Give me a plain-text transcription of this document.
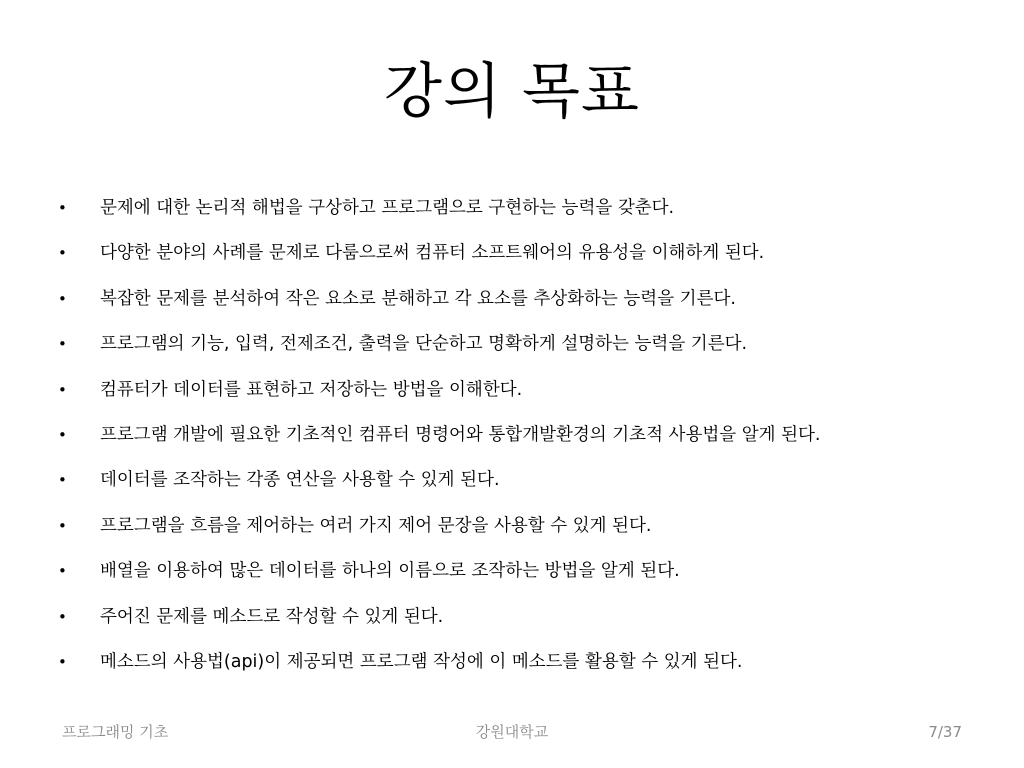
강의 목표
• 문제에 대한 논리적 해법을 구상하고 프로그램으로 구현하는 능력을 갖춘다.
• 다양한 분야의 사례를 문제로 다룸으로써 컴퓨터 소프트웨어의 유용성을 이해하게 된다.
• 복잡한 문제를 분석하여 작은 요소로 분해하고 각 요소를 추상화하는 능력을 기른다.
• 프로그램의 기능, 입력, 전제조건, 출력을 단순하고 명확하게 설명하는 능력을 기른다.
• 컴퓨터가 데이터를 표현하고 저장하는 방법을 이해한다.
• 프로그램 개발에 필요한 기초적인 컴퓨터 명령어와 통합개발환경의 기초적 사용법을 알게 된다.
• 데이터를 조작하는 각종 연산을 사용할 수 있게 된다.
• 프로그램을 흐름을 제어하는 여러 가지 제어 문장을 사용할 수 있게 된다.
• 배열을 이용하여 많은 데이터를 하나의 이름으로 조작하는 방법을 알게 된다.
• 주어진 문제를 메소드로 작성할 수 있게 된다.
• 메소드의 사용법(api)이 제공되면 프로그램 작성에 이 메소드를 활용할 수 있게 된다.
프로그래밍 기초	강원대학교	7/37
